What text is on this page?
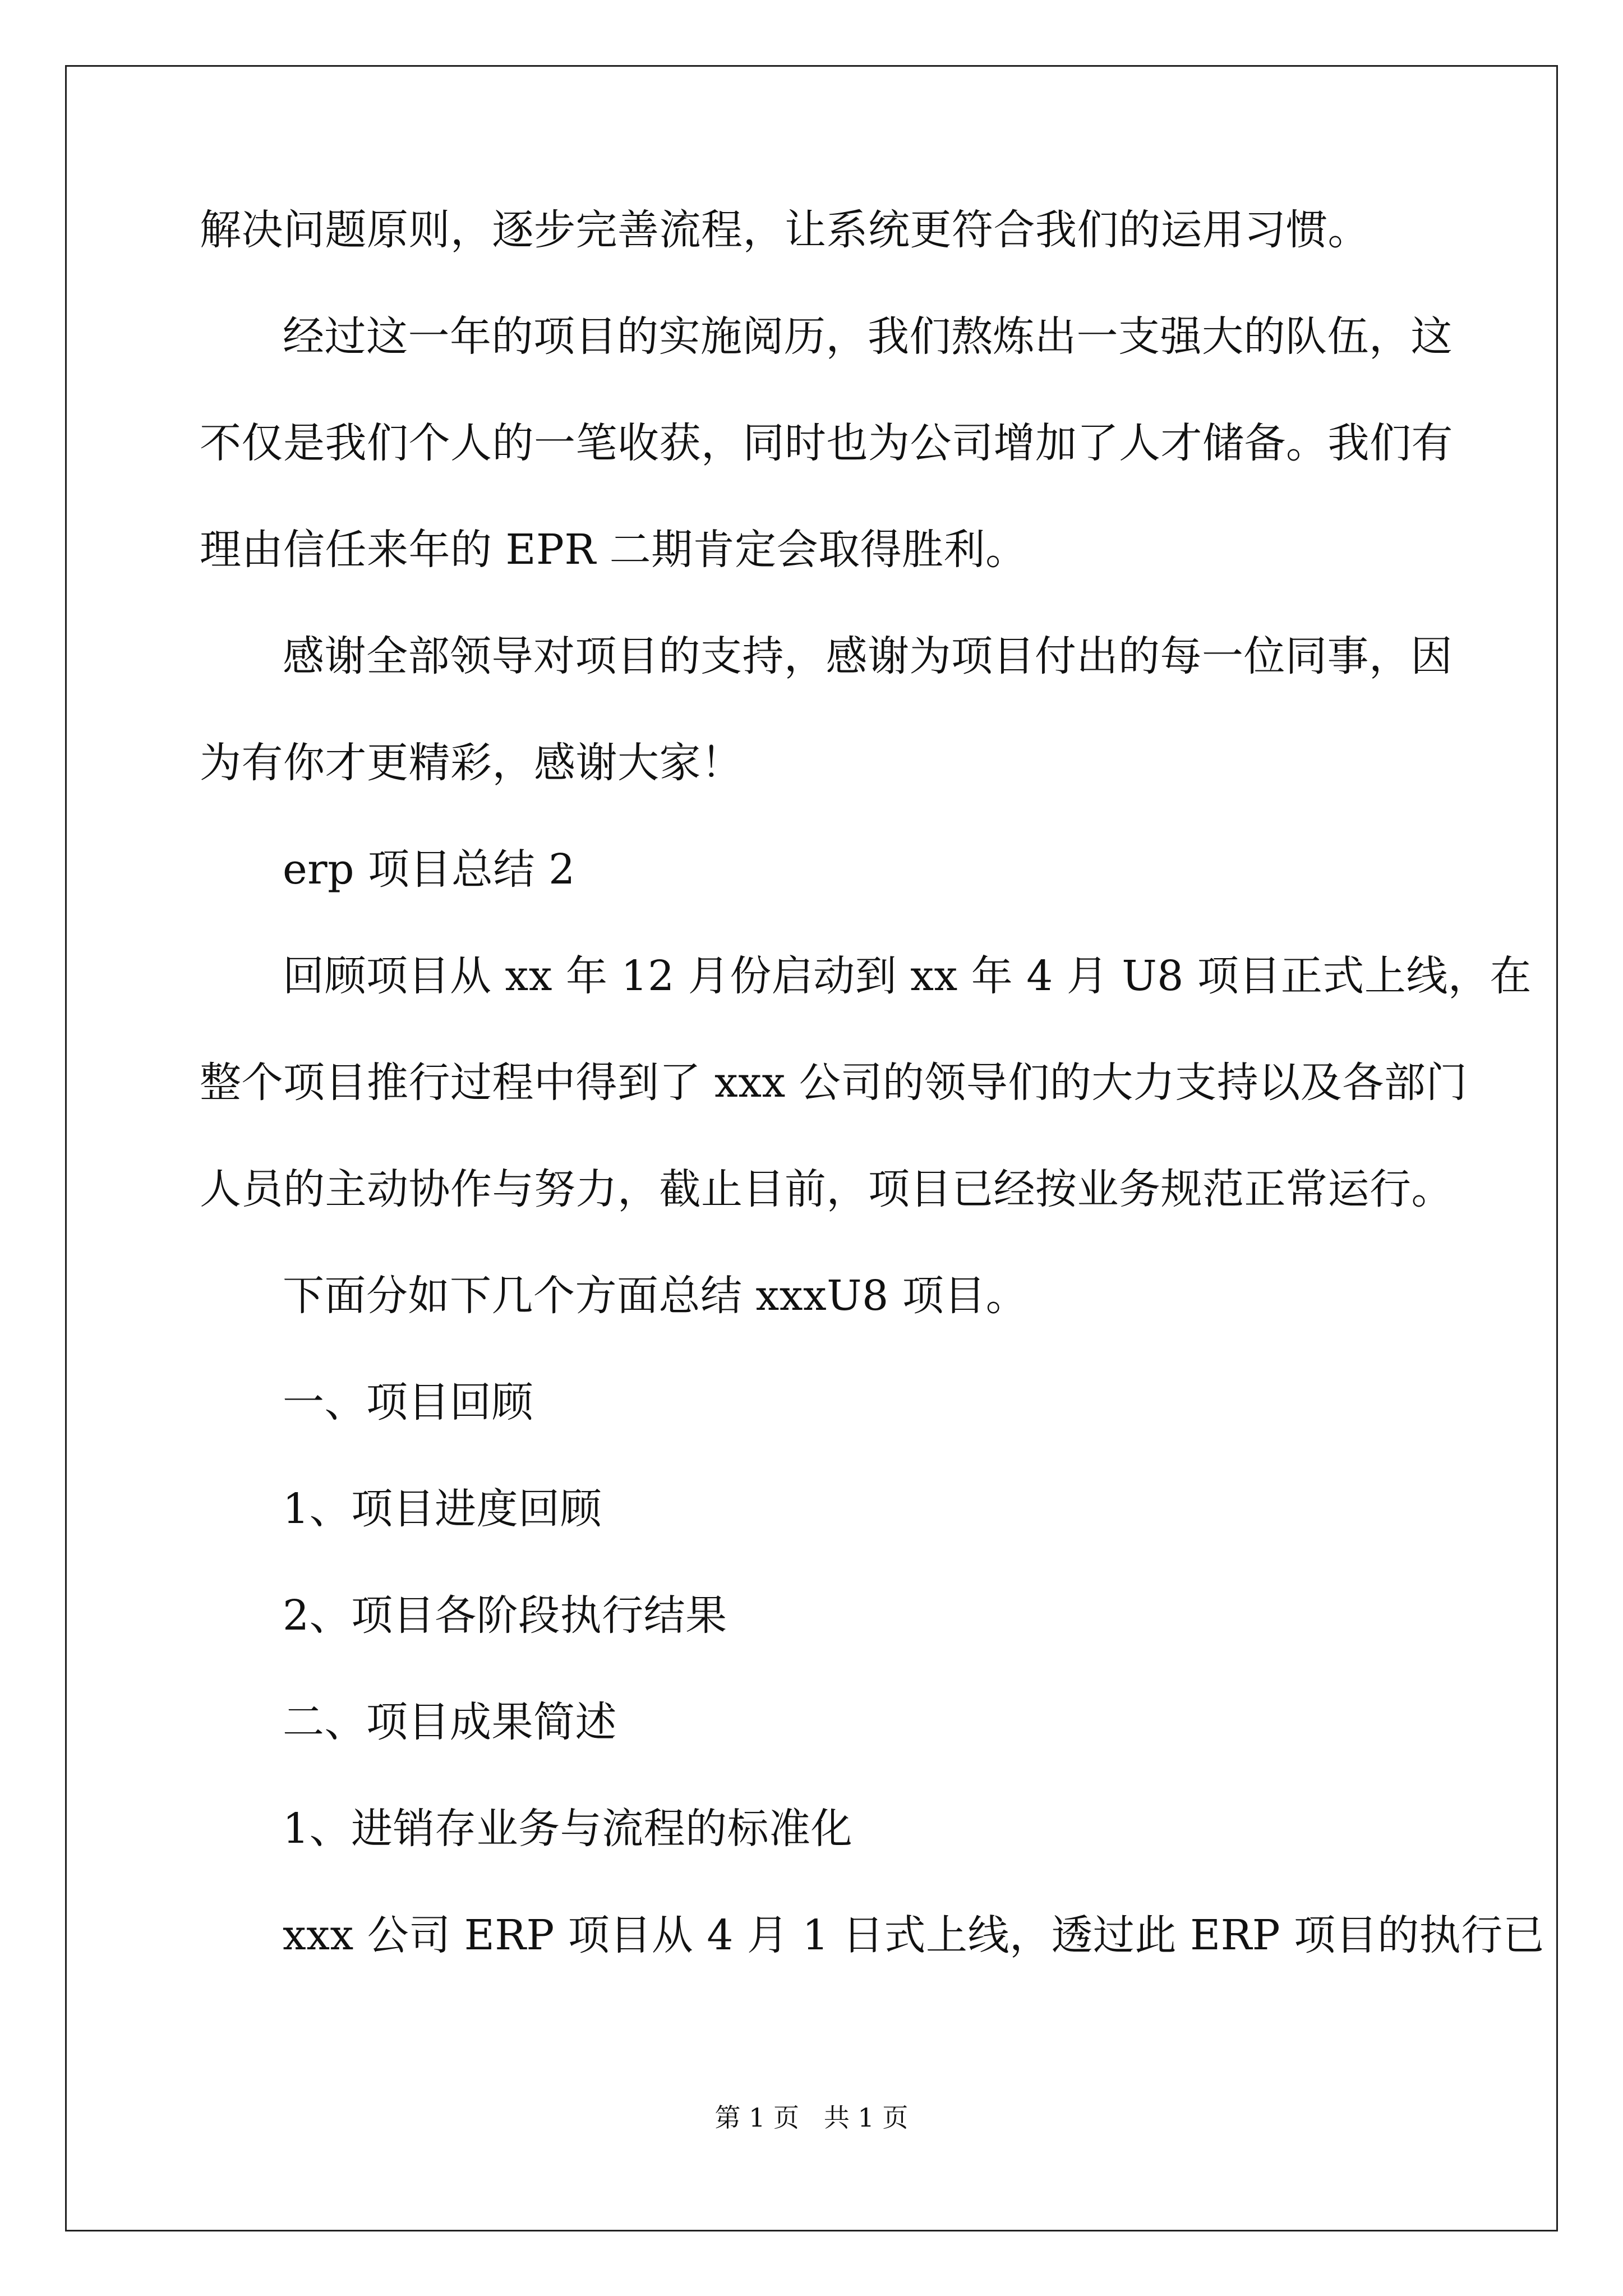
解决问题原则，逐步完善流程，让系统更符合我们的运用习惯。
经过这一年的项目的实施阅历，我们熬炼出一支强大的队伍，这
不仅是我们个人的一笔收获，同时也为公司增加了人才储备。我们有
理由信任来年的 EPR 二期肯定会取得胜利。
感谢全部领导对项目的支持，感谢为项目付出的每一位同事，因
为有你才更精彩，感谢大家！
erp 项目总结 2
回顾项目从 xx 年 12 月份启动到 xx 年 4 月 U8 项目正式上线，在
整个项目推行过程中得到了 xxx 公司的领导们的大力支持以及各部门
人员的主动协作与努力，截止目前，项目已经按业务规范正常运行。
下面分如下几个方面总结 xxxU8 项目。
一、项目回顾
1、项目进度回顾
2、项目各阶段执行结果
二、项目成果简述
1、进销存业务与流程的标准化
xxx 公司 ERP 项目从 4 月 1 日式上线，透过此 ERP 项目的执行已
第 1 页   共 1 页
